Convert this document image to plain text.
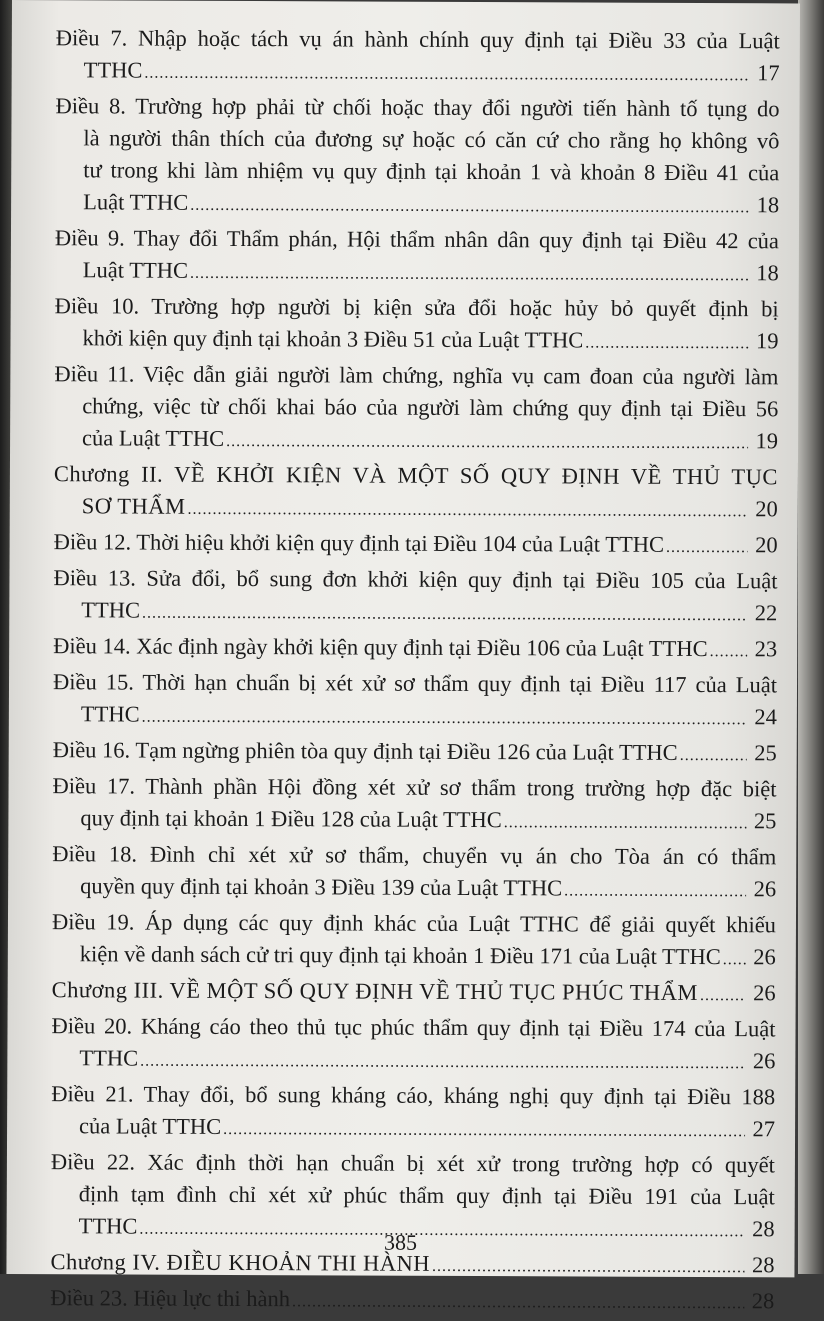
Điều 7. Nhập hoặc tách vụ án hành chính quy định tại Điều 33 của Luật
TTHC .....	17
Điều 8. Trường hợp phải từ chối hoặc thay đổi người tiến hành tố tụng do
là người thân thích của đương sự hoặc có căn cứ cho rằng họ không vô
tư trong khi làm nhiệm vụ quy định tại khoản 1 và khoản 8 Điều 41 của
Luật TTHC .....	18
Điều 9. Thay đổi Thẩm phán, Hội thẩm nhân dân quy định tại Điều 42 của
Luật TTHC .....	18
Điều 10. Trường hợp người bị kiện sửa đổi hoặc hủy bỏ quyết định bị
khởi kiện quy định tại khoản 3 Điều 51 của Luật TTHC .....	19
Điều 11. Việc dẫn giải người làm chứng, nghĩa vụ cam đoan của người làm
chứng, việc từ chối khai báo của người làm chứng quy định tại Điều 56
của Luật TTHC .....	19
Chương II. VỀ KHỞI KIỆN VÀ MỘT SỐ QUY ĐỊNH VỀ THỦ TỤC
SƠ THẨM .....	20
Điều 12. Thời hiệu khởi kiện quy định tại Điều 104 của Luật TTHC .....	20
Điều 13. Sửa đổi, bổ sung đơn khởi kiện quy định tại Điều 105 của Luật
TTHC .....	22
Điều 14. Xác định ngày khởi kiện quy định tại Điều 106 của Luật TTHC ..... 23
Điều 15. Thời hạn chuẩn bị xét xử sơ thẩm quy định tại Điều 117 của Luật
TTHC .....	24
Điều 16. Tạm ngừng phiên tòa quy định tại Điều 126 của Luật TTHC .....	25
Điều 17. Thành phần Hội đồng xét xử sơ thẩm trong trường hợp đặc biệt
quy định tại khoản 1 Điều 128 của Luật TTHC .....	25
Điều 18. Đình chỉ xét xử sơ thẩm, chuyển vụ án cho Tòa án có thẩm
quyền quy định tại khoản 3 Điều 139 của Luật TTHC .....	26
Điều 19. Áp dụng các quy định khác của Luật TTHC để giải quyết khiếu
kiện về danh sách cử tri quy định tại khoản 1 Điều 171 của Luật TTHC ..... 26
Chương III. VỀ MỘT SỐ QUY ĐỊNH VỀ THỦ TỤC PHÚC THẨM ..... 26
Điều 20. Kháng cáo theo thủ tục phúc thẩm quy định tại Điều 174 của Luật
TTHC .....	26
Điều 21. Thay đổi, bổ sung kháng cáo, kháng nghị quy định tại Điều 188
của Luật TTHC .....	27
Điều 22. Xác định thời hạn chuẩn bị xét xử trong trường hợp có quyết
định tạm đình chỉ xét xử phúc thẩm quy định tại Điều 191 của Luật
TTHC .....	28
Chương IV. ĐIỀU KHOẢN THI HÀNH .....	28
Điều 23. Hiệu lực thi hành .....	28
385
